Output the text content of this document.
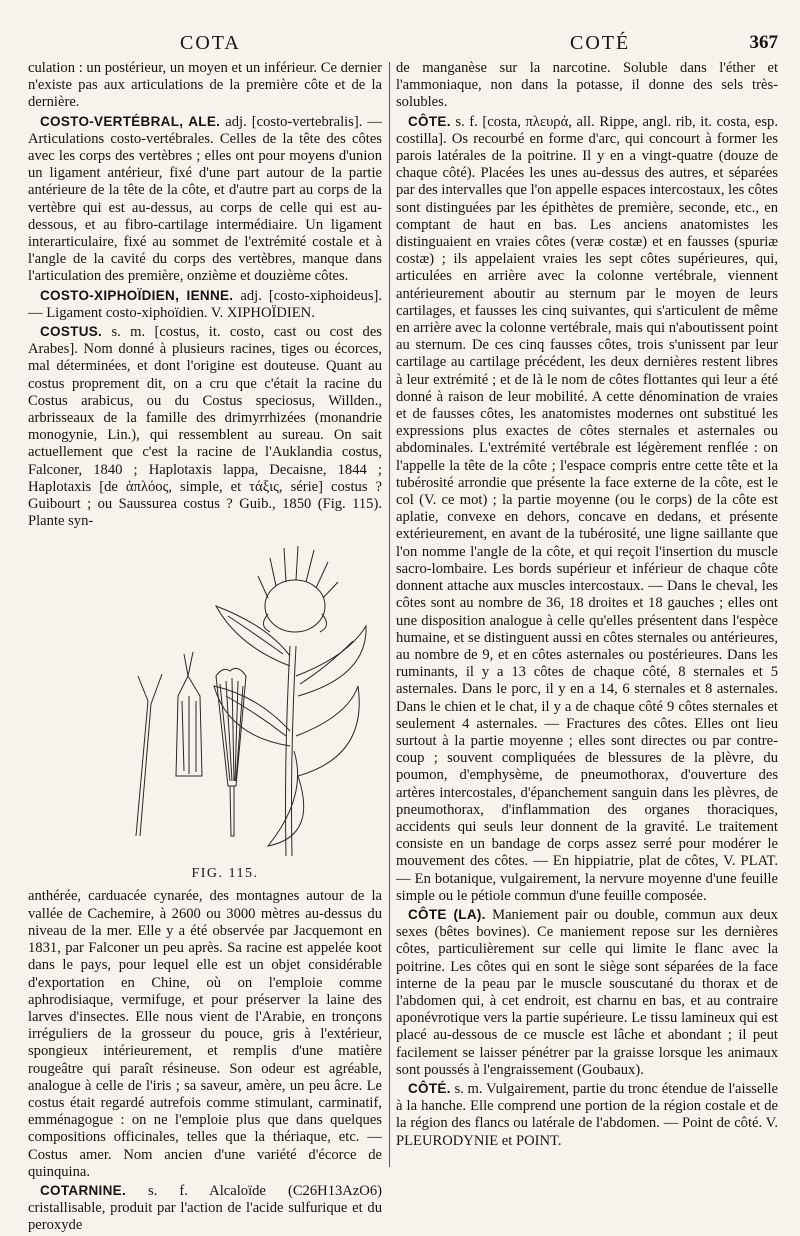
COTA	COTÉ	367

culation : un postérieur, un moyen et un inférieur. Ce dernier n'existe pas aux articulations de la première côte et de la dernière.

COSTO-VERTÉBRAL, ALE. adj. [costo-vertebralis]. — Articulations costo-vertébrales. Celles de la tête des côtes avec les corps des vertèbres ; elles ont pour moyens d'union un ligament antérieur, fixé d'une part autour de la partie antérieure de la tête de la côte, et d'autre part au corps de la vertèbre qui est au-dessus, au corps de celle qui est au-dessous, et au fibro-cartilage intermédiaire. Un ligament interarticulaire, fixé au sommet de l'extrémité costale et à l'angle de la cavité du corps des vertèbres, manque dans l'articulation des première, onzième et douzième côtes.

COSTO-XIPHOÏDIEN, IENNE. adj. [costo-xiphoideus]. — Ligament costo-xiphoïdien. V. XIPHOÏDIEN.

COSTUS. s. m. [costus, it. costo, cast ou cost des Arabes]. Nom donné à plusieurs racines, tiges ou écorces, mal déterminées, et dont l'origine est douteuse. Quant au costus proprement dit, on a cru que c'était la racine du Costus arabicus, ou du Costus speciosus, Willden., arbrisseaux de la famille des drimyrrhizées (monandrie monogynie, Lin.), qui ressemblent au sureau. On sait actuellement que c'est la racine de l'Auklandia costus, Falconer, 1840 ; Haplotaxis lappa, Decaisne, 1844 ; Haplotaxis [de ἁπλόος, simple, et τάξις, série] costus ? Guibourt ; ou Saussurea costus ? Guib., 1850 (Fig. 115). Plante syn-

FIG. 115.

anthérée, carduacée cynarée, des montagnes autour de la vallée de Cachemire, à 2600 ou 3000 mètres au-dessus du niveau de la mer. Elle y a été observée par Jacquemont en 1831, par Falconer un peu après. Sa racine est appelée koot dans le pays, pour lequel elle est un objet considérable d'exportation en Chine, où on l'emploie comme aphrodisiaque, vermifuge, et pour préserver la laine des larves d'insectes. Elle nous vient de l'Arabie, en tronçons irréguliers de la grosseur du pouce, gris à l'extérieur, spongieux intérieurement, et remplis d'une matière rougeâtre qui paraît résineuse. Son odeur est agréable, analogue à celle de l'iris ; sa saveur, amère, un peu âcre. Le costus était regardé autrefois comme stimulant, carminatif, emménagogue : on ne l'emploie plus que dans quelques compositions officinales, telles que la thériaque, etc. — Costus amer. Nom ancien d'une variété d'écorce de quinquina.

COTARNINE. s. f. Alcaloïde (C26H13AzO6) cristallisable, produit par l'action de l'acide sulfurique et du peroxyde

de manganèse sur la narcotine. Soluble dans l'éther et l'ammoniaque, non dans la potasse, il donne des sels très-solubles.

CÔTE. s. f. [costa, πλευρά, all. Rippe, angl. rib, it. costa, esp. costilla]. Os recourbé en forme d'arc, qui concourt à former les parois latérales de la poitrine. Il y en a vingt-quatre (douze de chaque côté). Placées les unes au-dessus des autres, et séparées par des intervalles que l'on appelle espaces intercostaux, les côtes sont distinguées par les épithètes de première, seconde, etc., en comptant de haut en bas. Les anciens anatomistes les distinguaient en vraies côtes (veræ costæ) et en fausses (spuriæ costæ) ; ils appelaient vraies les sept côtes supérieures, qui, articulées en arrière avec la colonne vertébrale, viennent antérieurement aboutir au sternum par le moyen de leurs cartilages, et fausses les cinq suivantes, qui s'articulent de même en arrière avec la colonne vertébrale, mais qui n'aboutissent point au sternum. De ces cinq fausses côtes, trois s'unissent par leur cartilage au cartilage précédent, les deux dernières restent libres à leur extrémité ; et de là le nom de côtes flottantes qui leur a été donné à raison de leur mobilité. A cette dénomination de vraies et de fausses côtes, les anatomistes modernes ont substitué les expressions plus exactes de côtes sternales et asternales ou abdominales. L'extrémité vertébrale est légèrement renflée : on l'appelle la tête de la côte ; l'espace compris entre cette tête et la tubérosité arrondie que présente la face externe de la côte, est le col (V. ce mot) ; la partie moyenne (ou le corps) de la côte est aplatie, convexe en dehors, concave en dedans, et présente extérieurement, en avant de la tubérosité, une ligne saillante que l'on nomme l'angle de la côte, et qui reçoit l'insertion du muscle sacro-lombaire. Les bords supérieur et inférieur de chaque côte donnent attache aux muscles intercostaux. — Dans le cheval, les côtes sont au nombre de 36, 18 droites et 18 gauches ; elles ont une disposition analogue à celle qu'elles présentent dans l'espèce humaine, et se distinguent aussi en côtes sternales ou antérieures, au nombre de 9, et en côtes asternales ou postérieures. Dans les ruminants, il y a 13 côtes de chaque côté, 8 sternales et 5 asternales. Dans le porc, il y en a 14, 6 sternales et 8 asternales. Dans le chien et le chat, il y a de chaque côté 9 côtes sternales et seulement 4 asternales. — Fractures des côtes. Elles ont lieu surtout à la partie moyenne ; elles sont directes ou par contre-coup ; souvent compliquées de blessures de la plèvre, du poumon, d'emphysème, de pneumothorax, d'ouverture des artères intercostales, d'épanchement sanguin dans les plèvres, de pneumothorax, d'inflammation des organes thoraciques, accidents qui seuls leur donnent de la gravité. Le traitement consiste en un bandage de corps assez serré pour modérer le mouvement des côtes. — En hippiatrie, plat de côtes, V. PLAT. — En botanique, vulgairement, la nervure moyenne d'une feuille simple ou le pétiole commun d'une feuille composée.

CÔTE (LA). Maniement pair ou double, commun aux deux sexes (bêtes bovines). Ce maniement repose sur les dernières côtes, particulièrement sur celle qui limite le flanc avec la poitrine. Les côtes qui en sont le siège sont séparées de la face interne de la peau par le muscle souscutané du thorax et de l'abdomen qui, à cet endroit, est charnu en bas, et au contraire aponévrotique vers la partie supérieure. Le tissu lamineux qui est placé au-dessous de ce muscle est lâche et abondant ; il peut facilement se laisser pénétrer par la graisse lorsque les animaux sont poussés à l'engraissement (Goubaux).

CÔTÉ. s. m. Vulgairement, partie du tronc étendue de l'aisselle à la hanche. Elle comprend une portion de la région costale et de la région des flancs ou latérale de l'abdomen. — Point de côté. V. PLEURODYNIE et POINT.
